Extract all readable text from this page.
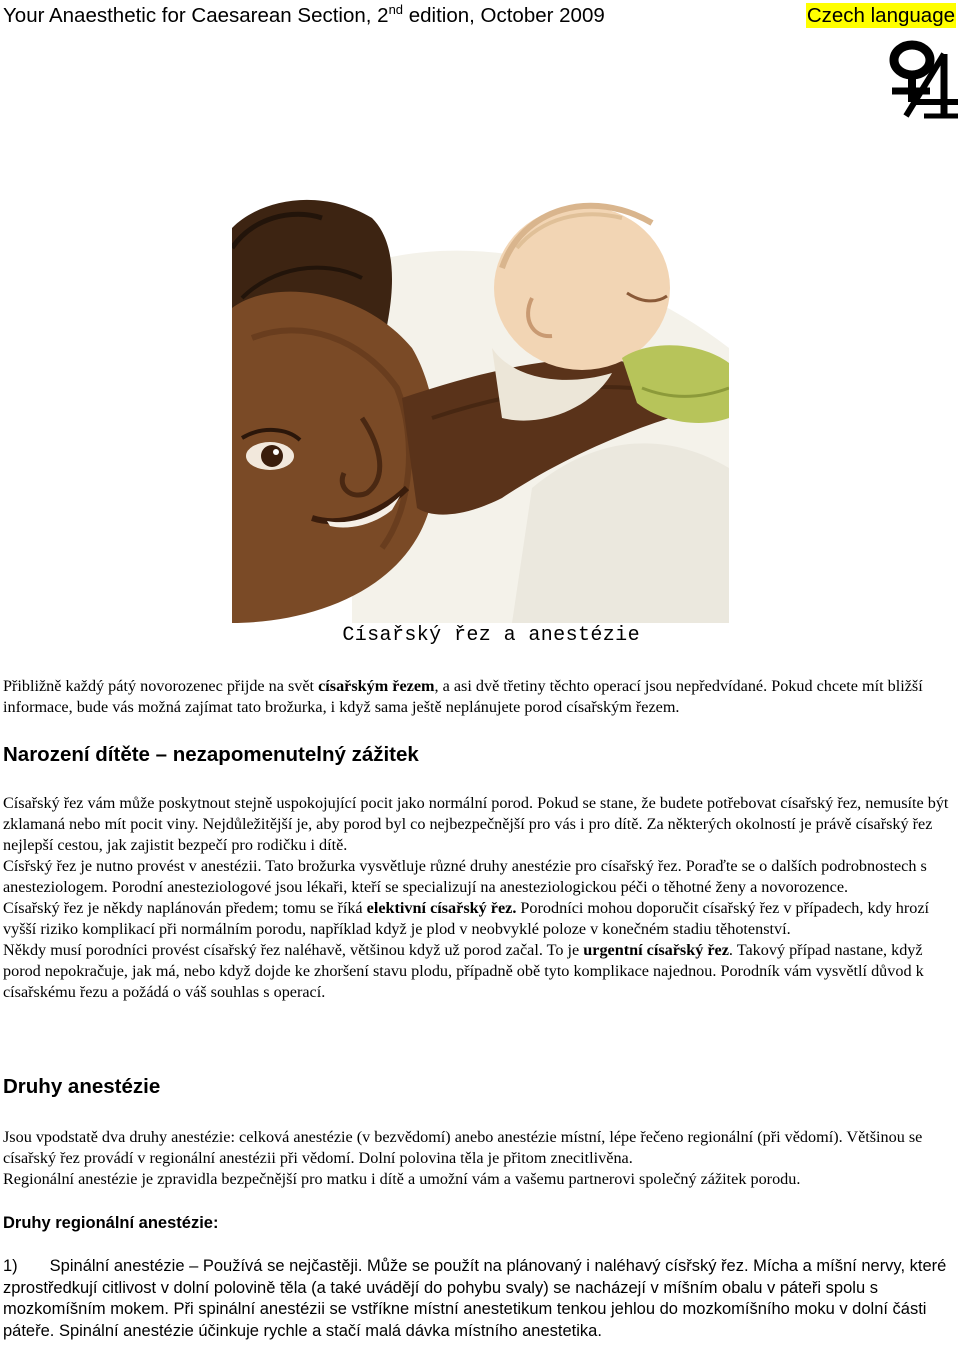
Your Anaesthetic for Caesarean Section, 2nd edition, October 2009	Czech language
Císařský řez a anestézie

Přibližně každý pátý novorozenec přijde na svět císařským řezem, a asi dvě třetiny těchto operací jsou nepředvídané. Pokud chcete mít bližší informace, bude vás možná zajímat tato brožurka, i když sama ještě neplánujete porod císařským řezem.

Narození dítěte – nezapomenutelný zážitek

Císařský řez vám může poskytnout stejně uspokojující pocit jako normální porod. Pokud se stane, že budete potřebovat císařský řez, nemusíte být zklamaná nebo mít pocit viny. Nejdůležitější je, aby porod byl co nejbezpečnější pro vás i pro dítě. Za některých okolností je právě císařský řez nejlepší cestou, jak zajistit bezpečí pro rodičku i dítě.

Císřský řez je nutno provést v anestézii. Tato brožurka vysvětluje různé druhy anestézie pro císařský řez. Poraďte se o dalších podrobnostech s anesteziologem. Porodní anesteziologové jsou lékaři, kteří se specializují na anesteziologickou péči o těhotné ženy a novorozence.

Císařský řez je někdy naplánován předem; tomu se říká elektivní císařský řez. Porodníci mohou doporučit císařský řez v případech, kdy hrozí vyšší riziko komplikací při normálním porodu, například když je plod v neobvyklé poloze v konečném stadiu těhotenství.

Někdy musí porodníci provést císařský řez naléhavě, většinou když už porod začal. To je urgentní císařský řez. Takový případ nastane, když porod nepokračuje, jak má, nebo když dojde ke zhoršení stavu plodu, případně obě tyto komplikace najednou. Porodník vám vysvětlí důvod k císařskému řezu a požádá o váš souhlas s operací.

Druhy anestézie

Jsou vpodstatě dva druhy anestézie: celková anestézie (v bezvědomí) anebo anestézie místní, lépe řečeno regionální (při vědomí). Většinou se císařský řez provádí v regionální anestézii při vědomí. Dolní polovina těla je přitom znecitlivěna.

Regionální anestézie je zpravidla bezpečnější pro matku i dítě a umožní vám a vašemu partnerovi společný zážitek porodu.

Druhy regionální anestézie:

1) Spinální anestézie – Používá se nejčastěji. Může se použít na plánovaný i naléhavý císřský řez. Mícha a míšní nervy, které zprostředkují citlivost v dolní polovině těla (a také uvádějí do pohybu svaly) se nacházejí v míšním obalu v páteři spolu s mozkomíšním mokem. Při spinální anestézii se vstříkne místní anestetikum tenkou jehlou do mozkomíšního moku v dolní části páteře. Spinální anestézie účinkuje rychle a stačí malá dávka místního anestetika.
